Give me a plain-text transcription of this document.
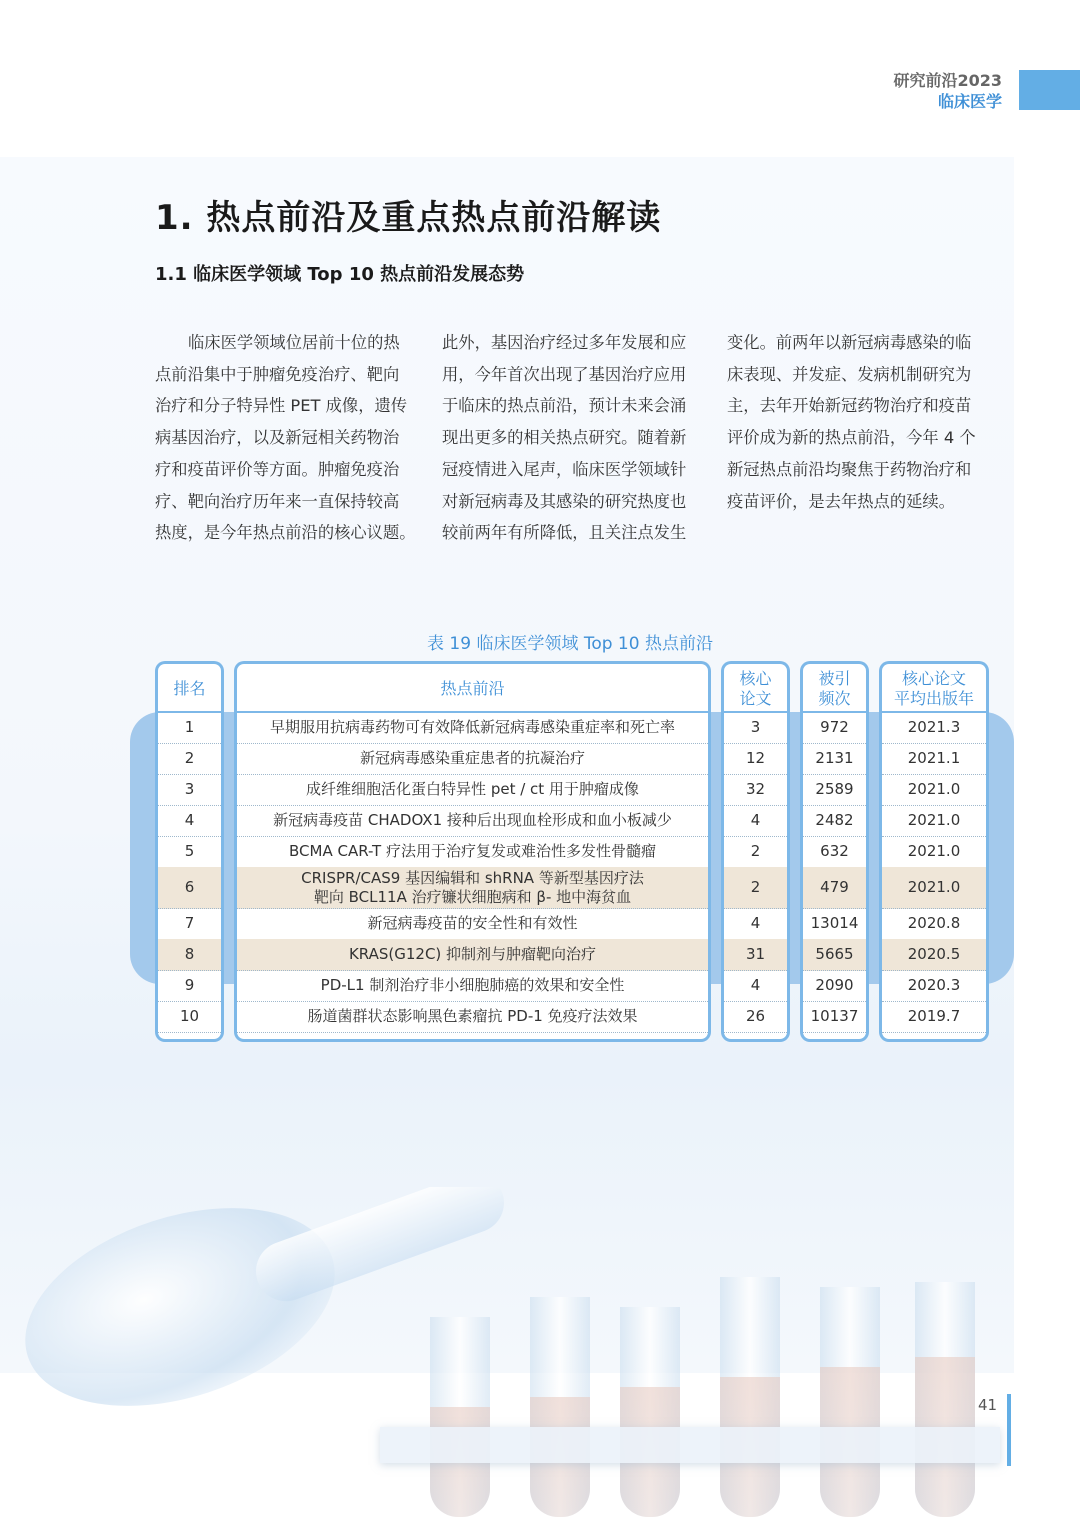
研究前沿2023
临床医学
1. 热点前沿及重点热点前沿解读
1.1 临床医学领域 Top 10 热点前沿发展态势

临床医学领域位居前十位的热

点前沿集中于肿瘤免疫治疗、靶向

治疗和分子特异性 PET 成像，遗传

病基因治疗，以及新冠相关药物治

疗和疫苗评价等方面。肿瘤免疫治

疗、靶向治疗历年来一直保持较高

热度，是今年热点前沿的核心议题。

此外，基因治疗经过多年发展和应

用，今年首次出现了基因治疗应用

于临床的热点前沿，预计未来会涌

现出更多的相关热点研究。随着新

冠疫情进入尾声，临床医学领域针

对新冠病毒及其感染的研究热度也

较前两年有所降低，且关注点发生

变化。前两年以新冠病毒感染的临

床表现、并发症、发病机制研究为

主，去年开始新冠药物治疗和疫苗

评价成为新的热点前沿，今年 4 个

新冠热点前沿均聚焦于药物治疗和

疫苗评价，是去年热点的延续。

表 19 临床医学领域 Top 10 热点前沿
排名	热点前沿
核心
论文
被引
频次
核心论文
平均出版年
1
2
3
4
5
6
7
8
9
10
早期服用抗病毒药物可有效降低新冠病毒感染重症率和死亡率
新冠病毒感染重症患者的抗凝治疗
成纤维细胞活化蛋白特异性 pet / ct 用于肿瘤成像
新冠病毒疫苗 CHADOX1 接种后出现血栓形成和血小板减少
BCMA CAR-T 疗法用于治疗复发或难治性多发性骨髓瘤
CRISPR/CAS9 基因编辑和 shRNA 等新型基因疗法
靶向 BCL11A 治疗镰状细胞病和 β- 地中海贫血
新冠病毒疫苗的安全性和有效性
KRAS(G12C) 抑制剂与肿瘤靶向治疗
PD-L1 制剂治疗非小细胞肺癌的效果和安全性
肠道菌群状态影响黑色素瘤抗 PD-1 免疫疗法效果
3
12
32
4
2
2
4
31
4
26
972
2131
2589
2482
632
479
13014
5665
2090
10137
2021.3
2021.1
2021.0
2021.0
2021.0
2021.0
2020.8
2020.5
2020.3
2019.7
41
